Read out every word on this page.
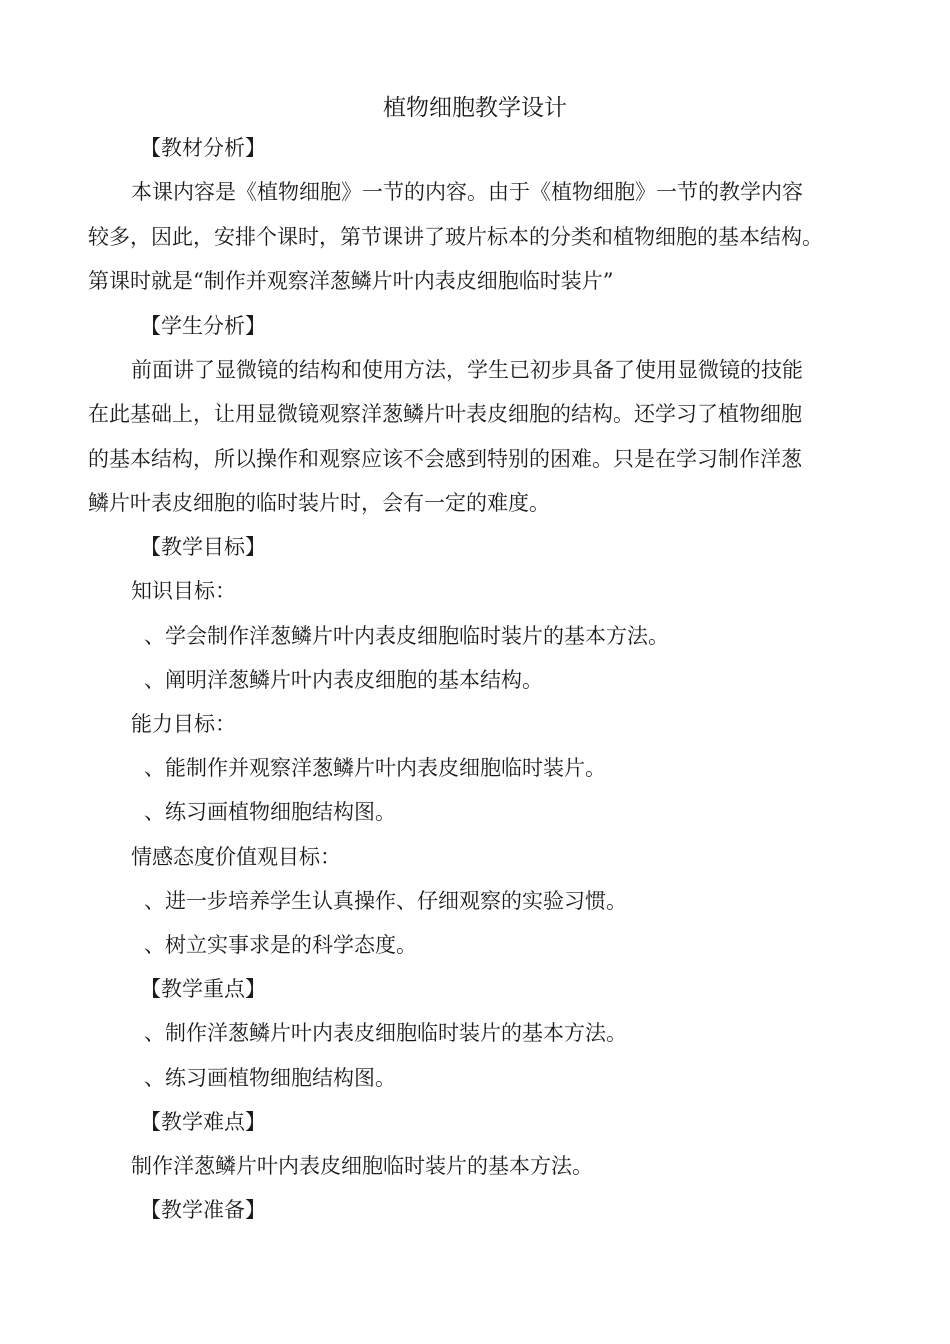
植物细胞教学设计
【教材分析】
本课内容是《植物细胞》一节的内容。由于《植物细胞》一节的教学内容
较多，因此，安排个课时，第节课讲了玻片标本的分类和植物细胞的基本结构。
第课时就是“制作并观察洋葱鳞片叶内表皮细胞临时装片”
【学生分析】
前面讲了显微镜的结构和使用方法，学生已初步具备了使用显微镜的技能
在此基础上，让用显微镜观察洋葱鳞片叶表皮细胞的结构。还学习了植物细胞
的基本结构，所以操作和观察应该不会感到特别的困难。只是在学习制作洋葱
鳞片叶表皮细胞的临时装片时，会有一定的难度。
【教学目标】
知识目标：
、学会制作洋葱鳞片叶内表皮细胞临时装片的基本方法。
、阐明洋葱鳞片叶内表皮细胞的基本结构。
能力目标：
、能制作并观察洋葱鳞片叶内表皮细胞临时装片。
、练习画植物细胞结构图。
情感态度价值观目标：
、进一步培养学生认真操作、仔细观察的实验习惯。
、树立实事求是的科学态度。
【教学重点】
、制作洋葱鳞片叶内表皮细胞临时装片的基本方法。
、练习画植物细胞结构图。
【教学难点】
制作洋葱鳞片叶内表皮细胞临时装片的基本方法。
【教学准备】
